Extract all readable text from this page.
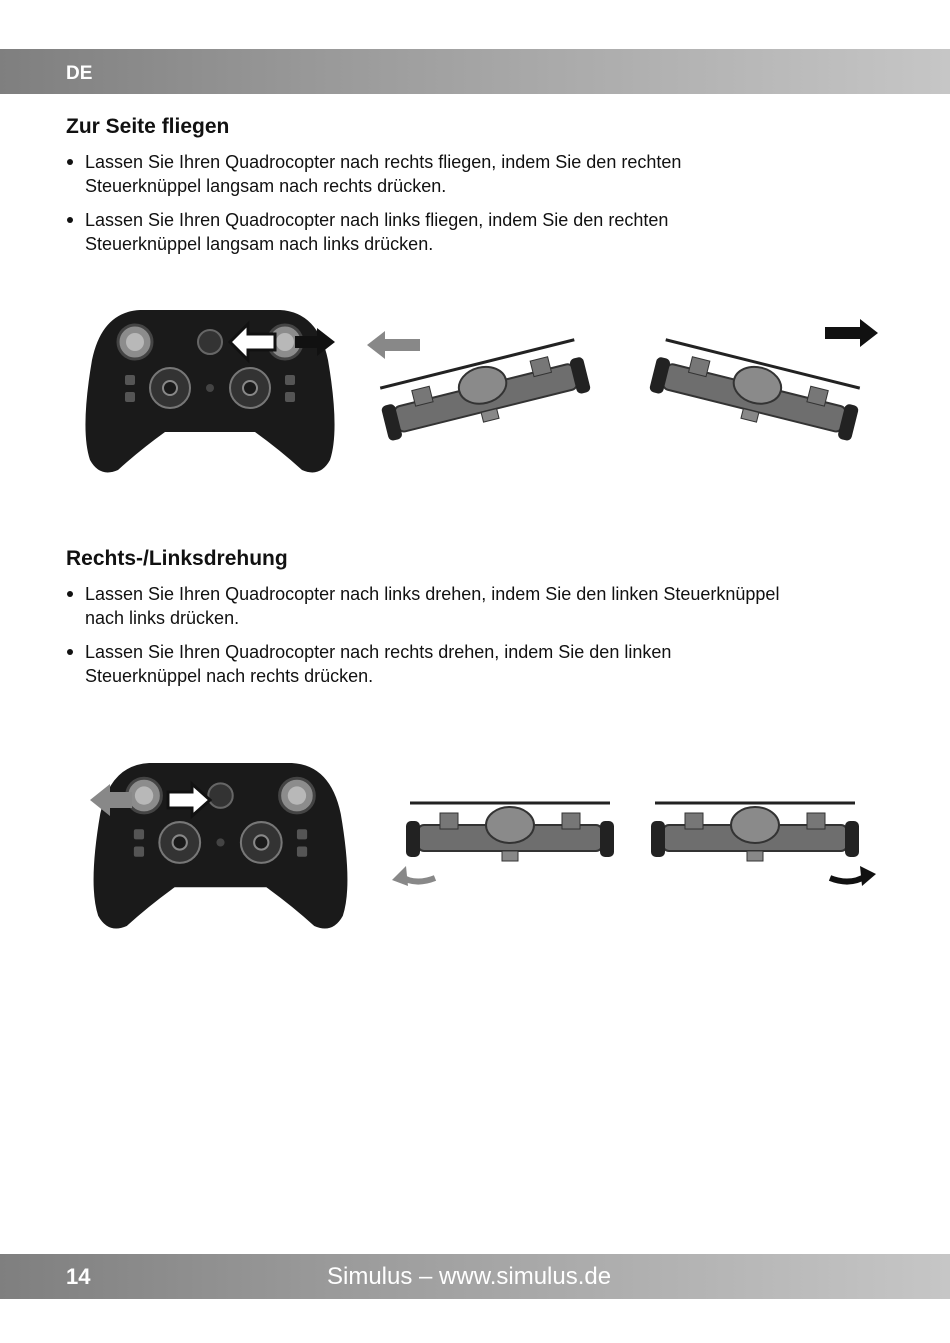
DE
Zur Seite fliegen
Lassen Sie Ihren Quadrocopter nach rechts fliegen, indem Sie den rechten Steuerknüppel langsam nach rechts drücken.
Lassen Sie Ihren Quadrocopter nach links fliegen, indem Sie den rechten Steuerknüppel langsam nach links drücken.
Rechts-/Linksdrehung
Lassen Sie Ihren Quadrocopter nach links drehen, indem Sie den linken Steuerknüppel nach links drücken.
Lassen Sie Ihren Quadrocopter nach rechts drehen, indem Sie den linken Steuerknüppel nach rechts drücken.
14	Simulus – www.simulus.de
